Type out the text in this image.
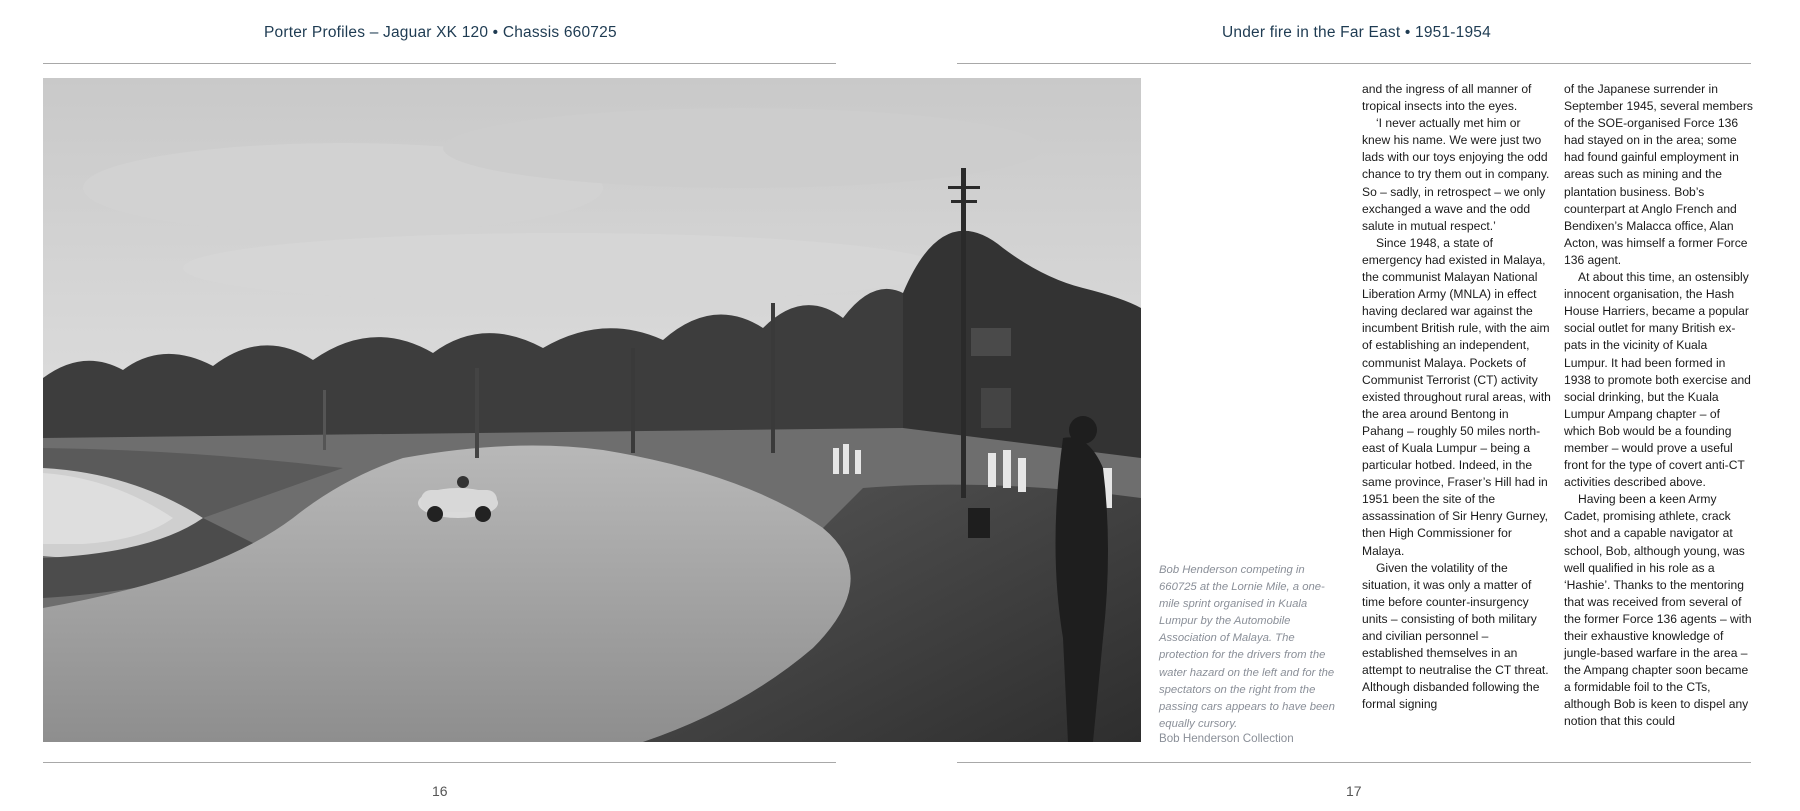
Porter Profiles – Jaguar XK 120 • Chassis 660725	Under fire in the Far East • 1951-1954
Bob Henderson competing in 660725 at the Lornie Mile, a one-mile sprint organised in Kuala Lumpur by the Automobile Association of Malaya. The protection for the drivers from the water hazard on the left and for the spectators on the right from the passing cars appears to have been equally cursory.
Bob Henderson Collection

and the ingress of all manner of tropical insects into the eyes.

‘I never actually met him or knew his name. We were just two lads with our toys enjoying the odd chance to try them out in company. So – sadly, in retrospect – we only exchanged a wave and the odd salute in mutual respect.’

Since 1948, a state of emergency had existed in Malaya, the communist Malayan National Liberation Army (MNLA) in effect having declared war against the incumbent British rule, with the aim of establishing an independent, communist Malaya. Pockets of Communist Terrorist (CT) activity existed throughout rural areas, with the area around Bentong in Pahang – roughly 50 miles north-east of Kuala Lumpur – being a particular hotbed. Indeed, in the same province, Fraser’s Hill had in 1951 been the site of the assassination of Sir Henry Gurney, then High Commissioner for Malaya.

Given the volatility of the situation, it was only a matter of time before counter-insurgency units – consisting of both military and civilian personnel – established themselves in an attempt to neutralise the CT threat. Although disbanded following the formal signing

of the Japanese surrender in September 1945, several members of the SOE-organised Force 136 had stayed on in the area; some had found gainful employment in areas such as mining and the plantation business. Bob’s counterpart at Anglo French and Bendixen’s Malacca office, Alan Acton, was himself a former Force 136 agent.

At about this time, an ostensibly innocent organisation, the Hash House Harriers, became a popular social outlet for many British ex-pats in the vicinity of Kuala Lumpur. It had been formed in 1938 to promote both exercise and social drinking, but the Kuala Lumpur Ampang chapter – of which Bob would be a founding member – would prove a useful front for the type of covert anti-CT activities described above.

Having been a keen Army Cadet, promising athlete, crack shot and a capable navigator at school, Bob, although young, was well qualified in his role as a ‘Hashie’. Thanks to the mentoring that was received from several of the former Force 136 agents – with their exhaustive knowledge of jungle-based warfare in the area – the Ampang chapter soon became a formidable foil to the CTs, although Bob is keen to dispel any notion that this could

16	17
